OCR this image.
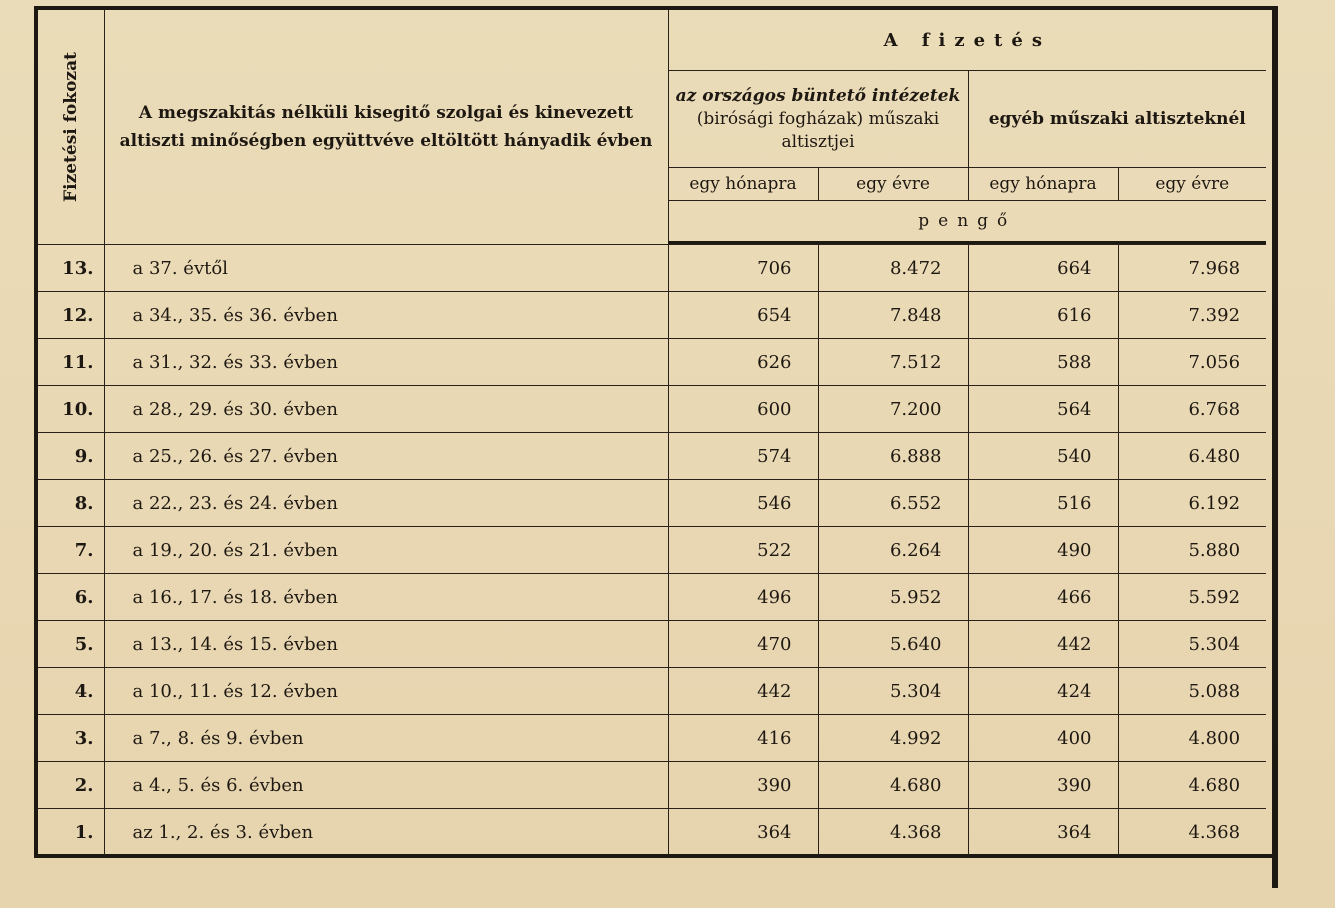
Fizetési fokozat	A megszakitás nélküli kisegitő szolgai és kinevezett altiszti minőségben együttvéve eltöltött hányadik évben	A fizetés			
		az országos büntető intézetek (birósági fogházak) műszaki altisztjei		egyéb műszaki altiszteknél	
		egy hónapra	egy évre	egy hónapra	egy évre
		pengő			

13.	a 37. évtől	706	8.472	664	7.968
12.	a 34., 35. és 36. évben	654	7.848	616	7.392
11.	a 31., 32. és 33. évben	626	7.512	588	7.056
10.	a 28., 29. és 30. évben	600	7.200	564	6.768
9.	a 25., 26. és 27. évben	574	6.888	540	6.480
8.	a 22., 23. és 24. évben	546	6.552	516	6.192
7.	a 19., 20. és 21. évben	522	6.264	490	5.880
6.	a 16., 17. és 18. évben	496	5.952	466	5.592
5.	a 13., 14. és 15. évben	470	5.640	442	5.304
4.	a 10., 11. és 12. évben	442	5.304	424	5.088
3.	a 7., 8. és 9. évben	416	4.992	400	4.800
2.	a 4., 5. és 6. évben	390	4.680	390	4.680
1.	az 1., 2. és 3. évben	364	4.368	364	4.368
